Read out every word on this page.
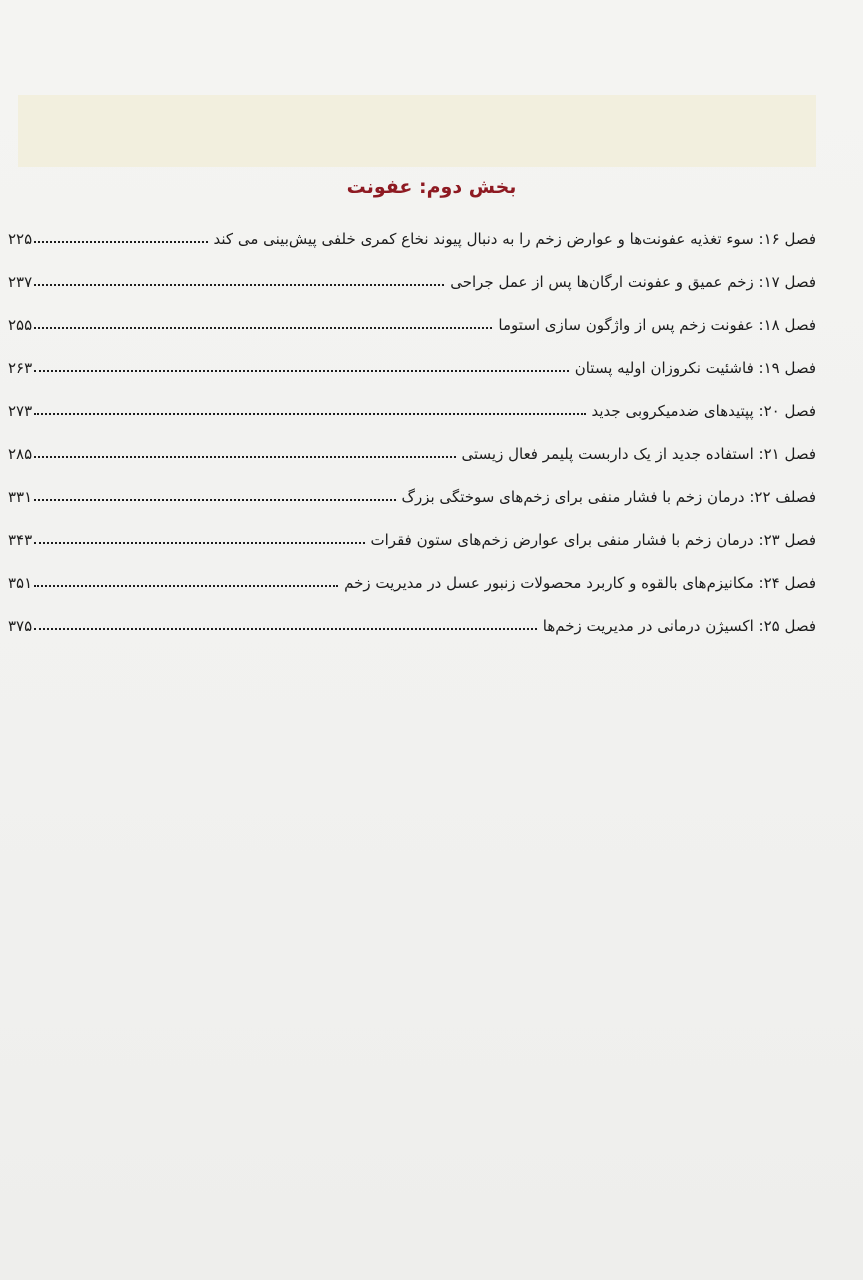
بخش دوم: عفونت
فصل ۱۶: سوء تغذیه عفونت‌ها و عوارض زخم را به دنبال پیوند نخاع کمری خلفی پیش‌بینی می کند
۲۲۵
فصل ۱۷: زخم عمیق و عفونت ارگان‌ها پس از عمل جراحی
۲۳۷
فصل ۱۸: عفونت زخم پس از واژگون سازی استوما
۲۵۵
فصل ۱۹: فاشئیت نکروزان اولیه پستان
۲۶۳
فصل ۲۰: پپتیدهای ضدمیکروبی جدید
۲۷۳
فصل ۲۱: استفاده جدید از یک داربست پلیمر فعال زیستی
۲۸۵
فصلف ۲۲: درمان زخم با فشار منفی برای زخم‌های سوختگی بزرگ
۳۳۱
فصل ۲۳: درمان زخم با فشار منفی برای عوارض زخم‌های ستون فقرات
۳۴۳
فصل ۲۴: مکانیزم‌های بالقوه و کاربرد محصولات زنبور عسل در مدیریت زخم
۳۵۱
فصل ۲۵: اکسیژن درمانی در مدیریت زخم‌ها
۳۷۵
